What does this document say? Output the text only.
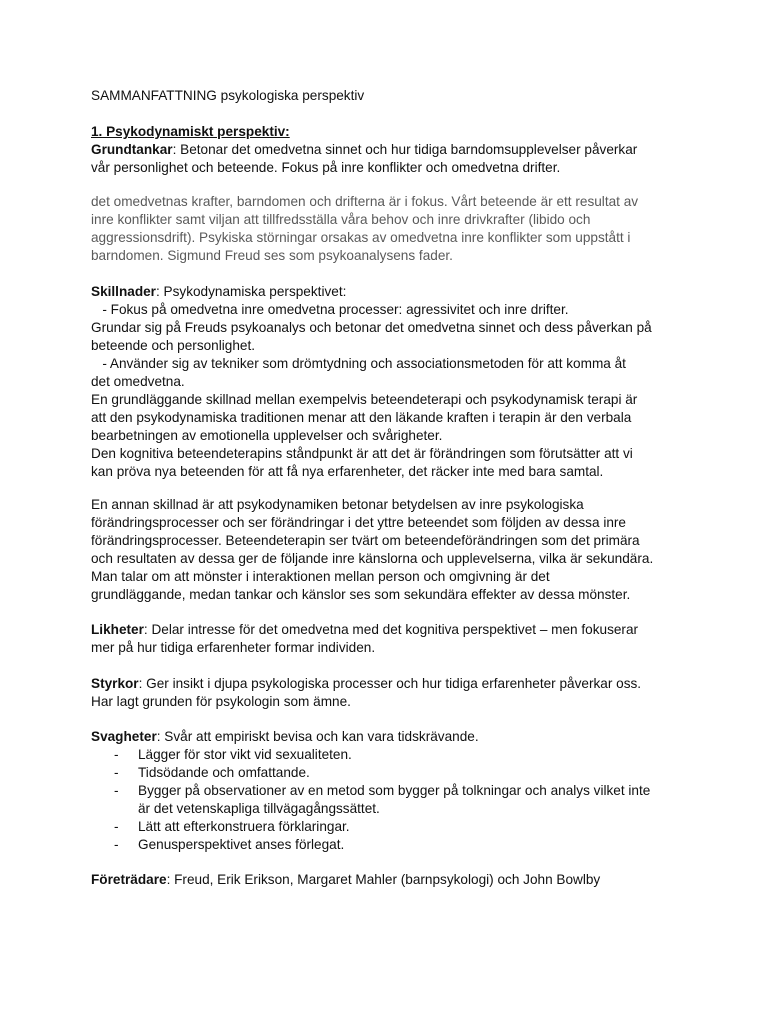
SAMMANFATTNING psykologiska perspektiv
1. Psykodynamiskt perspektiv:
Grundtankar: Betonar det omedvetna sinnet och hur tidiga barndomsupplevelser påverkar
vår personlighet och beteende. Fokus på inre konflikter och omedvetna drifter.
det omedvetnas krafter, barndomen och drifterna är i fokus. Vårt beteende är ett resultat av
inre konflikter samt viljan att tillfredsställa våra behov och inre drivkrafter (libido och
aggressionsdrift). Psykiska störningar orsakas av omedvetna inre konflikter som uppstått i
barndomen. Sigmund Freud ses som psykoanalysens fader.
Skillnader: Psykodynamiska perspektivet:
- Fokus på omedvetna inre omedvetna processer: agressivitet och inre drifter.
Grundar sig på Freuds psykoanalys och betonar det omedvetna sinnet och dess påverkan på
beteende och personlighet.
- Använder sig av tekniker som drömtydning och associationsmetoden för att komma åt
det omedvetna.
En grundläggande skillnad mellan exempelvis beteendeterapi och psykodynamisk terapi är
att den psykodynamiska traditionen menar att den läkande kraften i terapin är den verbala
bearbetningen av emotionella upplevelser och svårigheter.
Den kognitiva beteendeterapins ståndpunkt är att det är förändringen som förutsätter att vi
kan pröva nya beteenden för att få nya erfarenheter, det räcker inte med bara samtal.
En annan skillnad är att psykodynamiken betonar betydelsen av inre psykologiska
förändringsprocesser och ser förändringar i det yttre beteendet som följden av dessa inre
förändringsprocesser. Beteendeterapin ser tvärt om beteendeförändringen som det primära
och resultaten av dessa ger de följande inre känslorna och upplevelserna, vilka är sekundära.
Man talar om att mönster i interaktionen mellan person och omgivning är det
grundläggande, medan tankar och känslor ses som sekundära effekter av dessa mönster.
Likheter: Delar intresse för det omedvetna med det kognitiva perspektivet – men fokuserar
mer på hur tidiga erfarenheter formar individen.
Styrkor: Ger insikt i djupa psykologiska processer och hur tidiga erfarenheter påverkar oss.
Har lagt grunden för psykologin som ämne.
Svagheter: Svår att empiriskt bevisa och kan vara tidskrävande.
-	Lägger för stor vikt vid sexualiteten.
-	Tidsödande och omfattande.
-	Bygger på observationer av en metod som bygger på tolkningar och analys vilket inte
är det vetenskapliga tillvägagångssättet.
-	Lätt att efterkonstruera förklaringar.
-	Genusperspektivet anses förlegat.
Företrädare: Freud, Erik Erikson, Margaret Mahler (barnpsykologi) och John Bowlby
